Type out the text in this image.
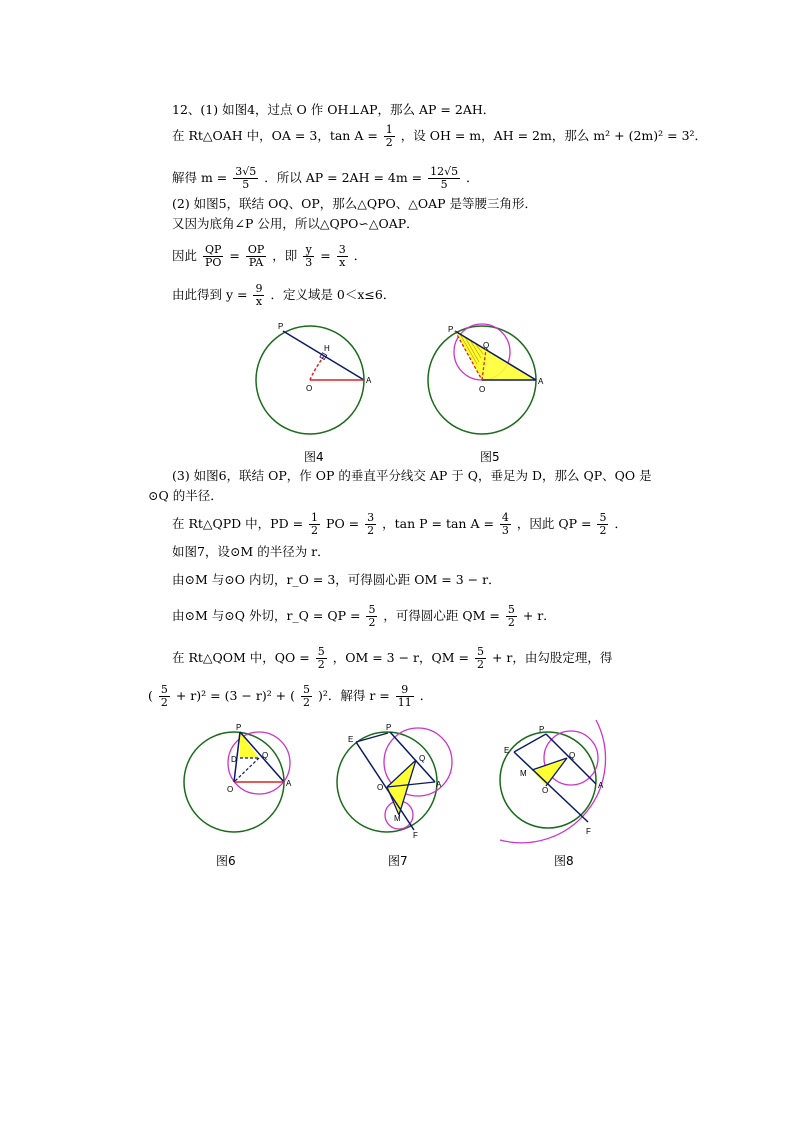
12、(1) 如图4，过点 O 作 OH⊥AP，那么 AP = 2AH．
在 Rt△OAH 中，OA = 3，$\tan A = \frac{1}{2}$ ，设 OH = m，AH = 2m，那么 m² + (2m)² = 3²．
解得 $m = \frac{3√5}{5}$ ．所以 AP = $2AH = 4m = \frac{12√5}{5}$ ．
(2) 如图5，联结 OQ、OP，那么△QPO、△OAP 是等腰三角形．
又因为底角∠P 公用，所以△QPO∽△OAP．
因此 $\frac{QP}{PO} = \frac{OP}{PA}$ ，即 $\frac{y}{3} = \frac{3}{x}$ ．
由此得到 $y = \frac{9}{x}$ ．定义域是 0＜x≤6．
P
H
O
A
图4
P
Q
O
A
图5
(3) 如图6，联结 OP，作 OP 的垂直平分线交 AP 于 Q，垂足为 D，那么 QP、QO 是
⊙Q 的半径．
在 Rt△QPD 中，PD = $\frac{1}{2}$ PO = $\frac{3}{2}$ ，$\tan P = \tan A = \frac{4}{3}$ ，因此 QP = $\frac{5}{2}$ ．
如图7，设⊙M 的半径为 r．
由⊙M 与⊙O 内切，r_O = 3，可得圆心距 OM = 3 − r．
由⊙M 与⊙Q 外切，r_Q = QP = $\frac{5}{2}$ ，可得圆心距 QM = $\frac{5}{2} + r$．
在 Rt△QOM 中，QO = $\frac{5}{2}$ ，OM = 3 − r，QM = $\frac{5}{2} + r$，由勾股定理，得
( $\frac{5}{2} + r)^2 = (3 - r)^2$ + ( $\frac{5}{2} )^2$．解得 $r = \frac{9}{11}$ ．
P
D	Q
O
A
图6
E
P
Q
O	A
M
F
图7
E
P
Q
M
O
A
F
图8
